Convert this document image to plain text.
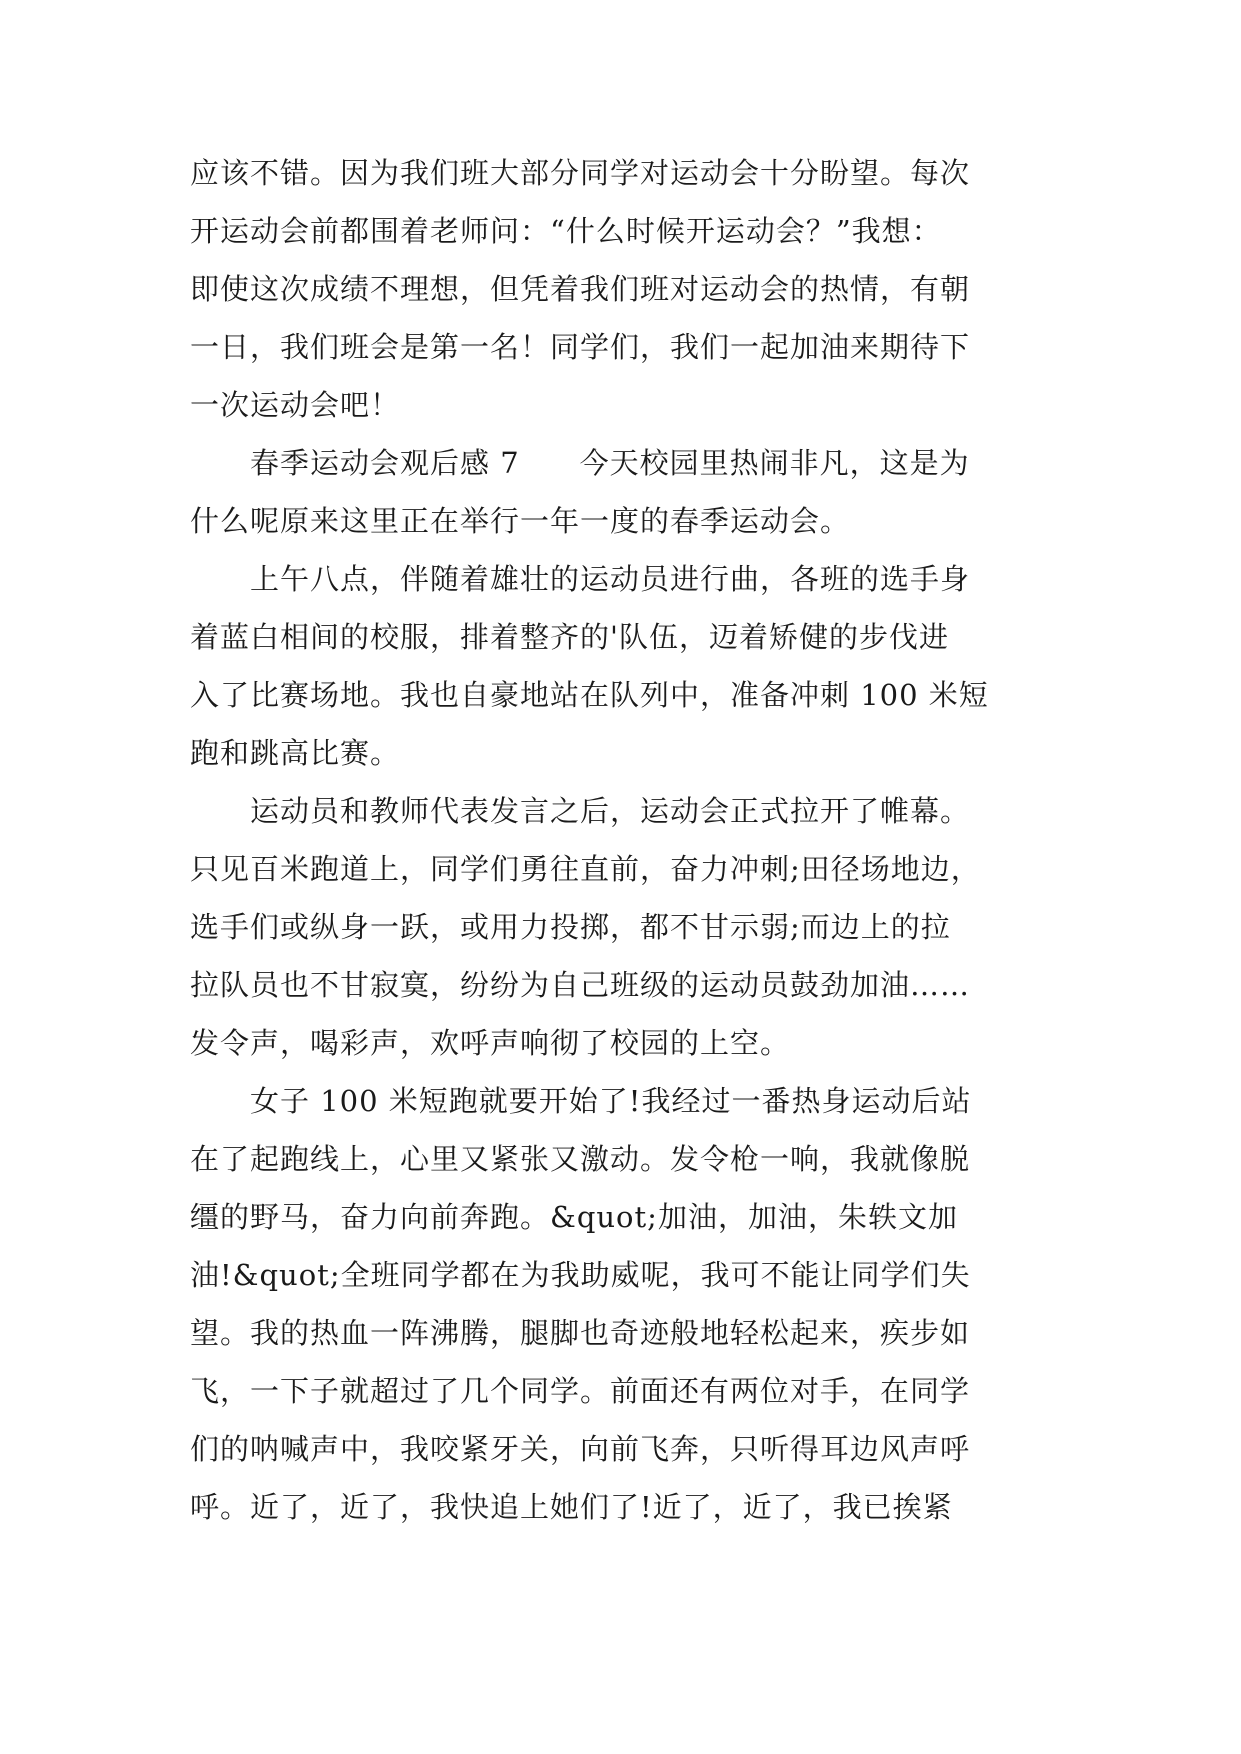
应该不错。因为我们班大部分同学对运动会十分盼望。每次
开运动会前都围着老师问：“什么时候开运动会？”我想：
即使这次成绩不理想，但凭着我们班对运动会的热情，有朝
一日，我们班会是第一名！同学们，我们一起加油来期待下
一次运动会吧！
　　春季运动会观后感 7　　今天校园里热闹非凡，这是为
什么呢原来这里正在举行一年一度的春季运动会。
　　上午八点，伴随着雄壮的运动员进行曲，各班的选手身
着蓝白相间的校服，排着整齐的'队伍，迈着矫健的步伐进
入了比赛场地。我也自豪地站在队列中，准备冲刺 100 米短
跑和跳高比赛。
　　运动员和教师代表发言之后，运动会正式拉开了帷幕。
只见百米跑道上，同学们勇往直前，奋力冲刺;田径场地边，
选手们或纵身一跃，或用力投掷，都不甘示弱;而边上的拉
拉队员也不甘寂寞，纷纷为自己班级的运动员鼓劲加油……
发令声，喝彩声，欢呼声响彻了校园的上空。
　　女子 100 米短跑就要开始了!我经过一番热身运动后站
在了起跑线上，心里又紧张又激动。发令枪一响，我就像脱
缰的野马，奋力向前奔跑。&quot;加油，加油，朱轶文加
油!&quot;全班同学都在为我助威呢，我可不能让同学们失
望。我的热血一阵沸腾，腿脚也奇迹般地轻松起来，疾步如
飞，一下子就超过了几个同学。前面还有两位对手，在同学
们的呐喊声中，我咬紧牙关，向前飞奔，只听得耳边风声呼
呼。近了，近了，我快追上她们了!近了，近了，我已挨紧
